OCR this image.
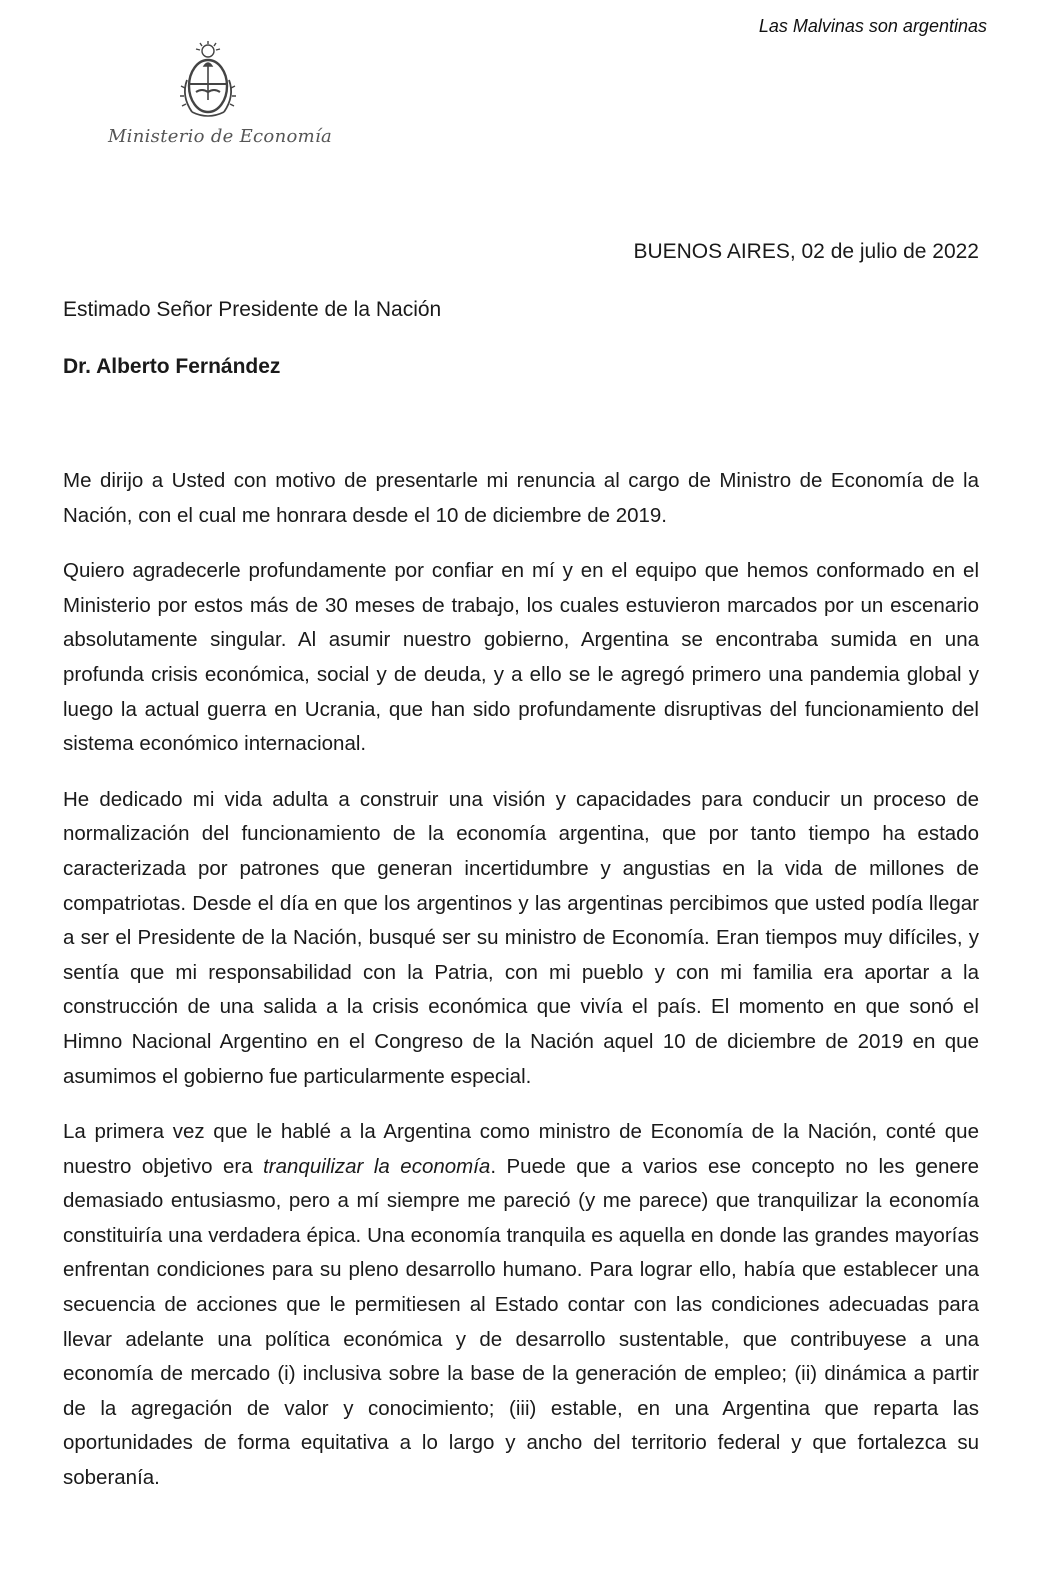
Las Malvinas son argentinas
Ministerio de Economía
BUENOS AIRES, 02 de julio de 2022
Estimado Señor Presidente de la Nación
Dr. Alberto Fernández

Me dirijo a Usted con motivo de presentarle mi renuncia al cargo de Ministro de Economía de la Nación, con el cual me honrara desde el 10 de diciembre de 2019.

Quiero agradecerle profundamente por confiar en mí y en el equipo que hemos conformado en el Ministerio por estos más de 30 meses de trabajo, los cuales estuvieron marcados por un escenario absolutamente singular. Al asumir nuestro gobierno, Argentina se encontraba sumida en una profunda crisis económica, social y de deuda, y a ello se le agregó primero una pandemia global y luego la actual guerra en Ucrania, que han sido profundamente disruptivas del funcionamiento del sistema económico internacional.

He dedicado mi vida adulta a construir una visión y capacidades para conducir un proceso de normalización del funcionamiento de la economía argentina, que por tanto tiempo ha estado caracterizada por patrones que generan incertidumbre y angustias en la vida de millones de compatriotas. Desde el día en que los argentinos y las argentinas percibimos que usted podía llegar a ser el Presidente de la Nación, busqué ser su ministro de Economía. Eran tiempos muy difíciles, y sentía que mi responsabilidad con la Patria, con mi pueblo y con mi familia era aportar a la construcción de una salida a la crisis económica que vivía el país. El momento en que sonó el Himno Nacional Argentino en el Congreso de la Nación aquel 10 de diciembre de 2019 en que asumimos el gobierno fue particularmente especial.

La primera vez que le hablé a la Argentina como ministro de Economía de la Nación, conté que nuestro objetivo era tranquilizar la economía. Puede que a varios ese concepto no les genere demasiado entusiasmo, pero a mí siempre me pareció (y me parece) que tranquilizar la economía constituiría una verdadera épica. Una economía tranquila es aquella en donde las grandes mayorías enfrentan condiciones para su pleno desarrollo humano. Para lograr ello, había que establecer una secuencia de acciones que le permitiesen al Estado contar con las condiciones adecuadas para llevar adelante una política económica y de desarrollo sustentable, que contribuyese a una economía de mercado (i) inclusiva sobre la base de la generación de empleo; (ii) dinámica a partir de la agregación de valor y conocimiento; (iii) estable, en una Argentina que reparta las oportunidades de forma equitativa a lo largo y ancho del territorio federal y que fortalezca su soberanía.
